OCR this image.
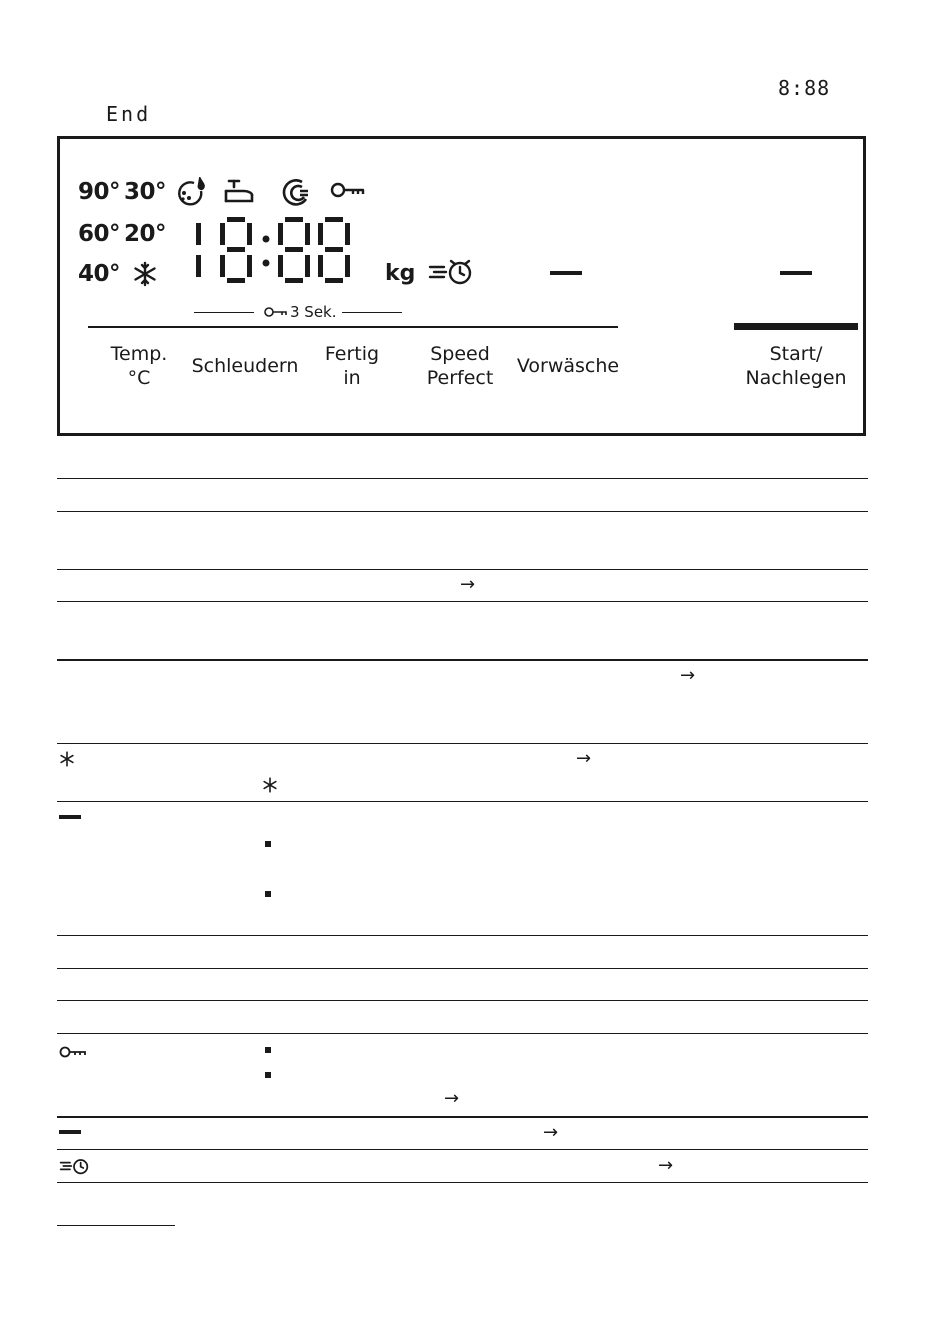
8:88
End
90° 30°
60° 20°
40°	kg
3 Sek.
Temp.
°C
Schleudern
Fertig
in
Speed
Perfect
Vorwäsche
Start/
Nachlegen
→
→
→
→
→
→
